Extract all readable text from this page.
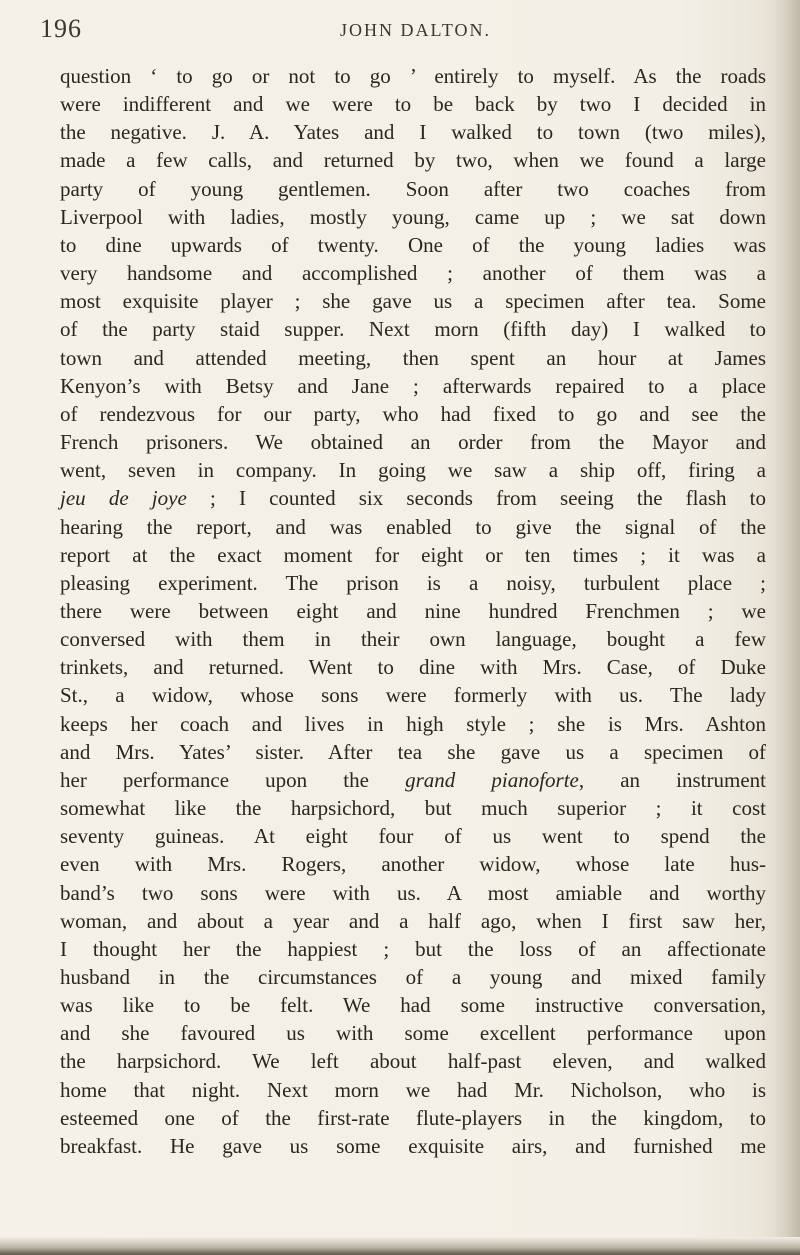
196	JOHN DALTON.
question ‘ to go or not to go ’ entirely to myself. As the roads
were indifferent and we were to be back by two I decided in
the negative. J. A. Yates and I walked to town (two miles),
made a few calls, and returned by two, when we found a large
party of young gentlemen. Soon after two coaches from
Liverpool with ladies, mostly young, came up ; we sat down
to dine upwards of twenty. One of the young ladies was
very handsome and accomplished ; another of them was a
most exquisite player ; she gave us a specimen after tea. Some
of the party staid supper. Next morn (fifth day) I walked to
town and attended meeting, then spent an hour at James
Kenyon’s with Betsy and Jane ; afterwards repaired to a place
of rendezvous for our party, who had fixed to go and see the
French prisoners. We obtained an order from the Mayor and
went, seven in company. In going we saw a ship off, firing a
jeu de joye ; I counted six seconds from seeing the flash to
hearing the report, and was enabled to give the signal of the
report at the exact moment for eight or ten times ; it was a
pleasing experiment. The prison is a noisy, turbulent place ;
there were between eight and nine hundred Frenchmen ; we
conversed with them in their own language, bought a few
trinkets, and returned. Went to dine with Mrs. Case, of Duke
St., a widow, whose sons were formerly with us. The lady
keeps her coach and lives in high style ; she is Mrs. Ashton
and Mrs. Yates’ sister. After tea she gave us a specimen of
her performance upon the grand pianoforte, an instrument
somewhat like the harpsichord, but much superior ; it cost
seventy guineas. At eight four of us went to spend the
even with Mrs. Rogers, another widow, whose late hus-
band’s two sons were with us. A most amiable and worthy
woman, and about a year and a half ago, when I first saw her,
I thought her the happiest ; but the loss of an affectionate
husband in the circumstances of a young and mixed family
was like to be felt. We had some instructive conversation,
and she favoured us with some excellent performance upon
the harpsichord. We left about half-past eleven, and walked
home that night. Next morn we had Mr. Nicholson, who is
esteemed one of the first-rate flute-players in the kingdom, to
breakfast. He gave us some exquisite airs, and furnished me
